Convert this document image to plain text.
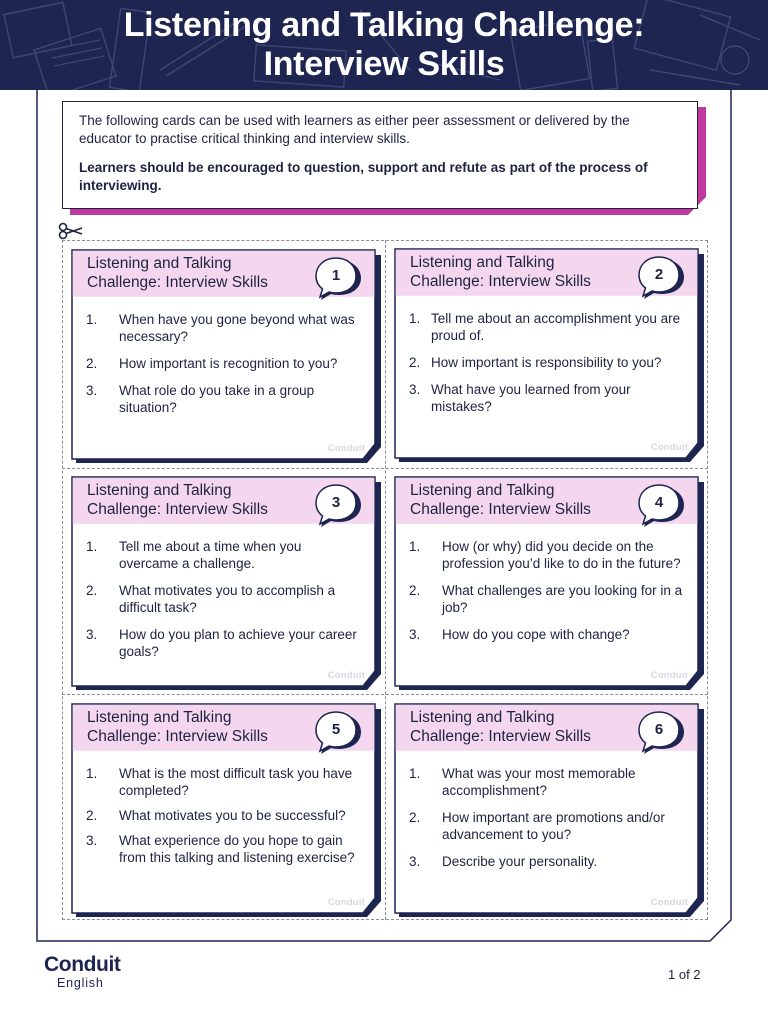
Listening and Talking Challenge:
Interview Skills

The following cards can be used with learners as either peer assessment or delivered by the educator to practise critical thinking and interview skills.

Learners should be encouraged to question, support and refute as part of the process of interviewing.

Listening and Talking
Challenge: Interview Skills	1
1.	When have you gone beyond what was necessary?
2.	How important is recognition to you?
3.	What role do you take in a group situation?
Conduit
Listening and Talking
Challenge: Interview Skills	2
1. Tell me about an accomplishment you are proud of.
2. How important is responsibility to you?
3. What have you learned from your mistakes?
Conduit
Listening and Talking
Challenge: Interview Skills	3
1.	Tell me about a time when you overcame a challenge.
2.	What motivates you to accomplish a difficult task?
3.	How do you plan to achieve your career goals?
Conduit
Listening and Talking
Challenge: Interview Skills	4
1.	How (or why) did you decide on the profession you’d like to do in the future?
2.	What challenges are you looking for in a job?
3.	How do you cope with change?
Conduit
Listening and Talking
Challenge: Interview Skills	5
1.	What is the most difficult task you have completed?
2.	What motivates you to be successful?
3.	What experience do you hope to gain from this talking and listening exercise?
Conduit
Listening and Talking
Challenge: Interview Skills	6
1.	What was your most memorable accomplishment?
2.	How important are promotions and/or advancement to you?
3.	Describe your personality.
Conduit
Conduit
English
1 of 2
